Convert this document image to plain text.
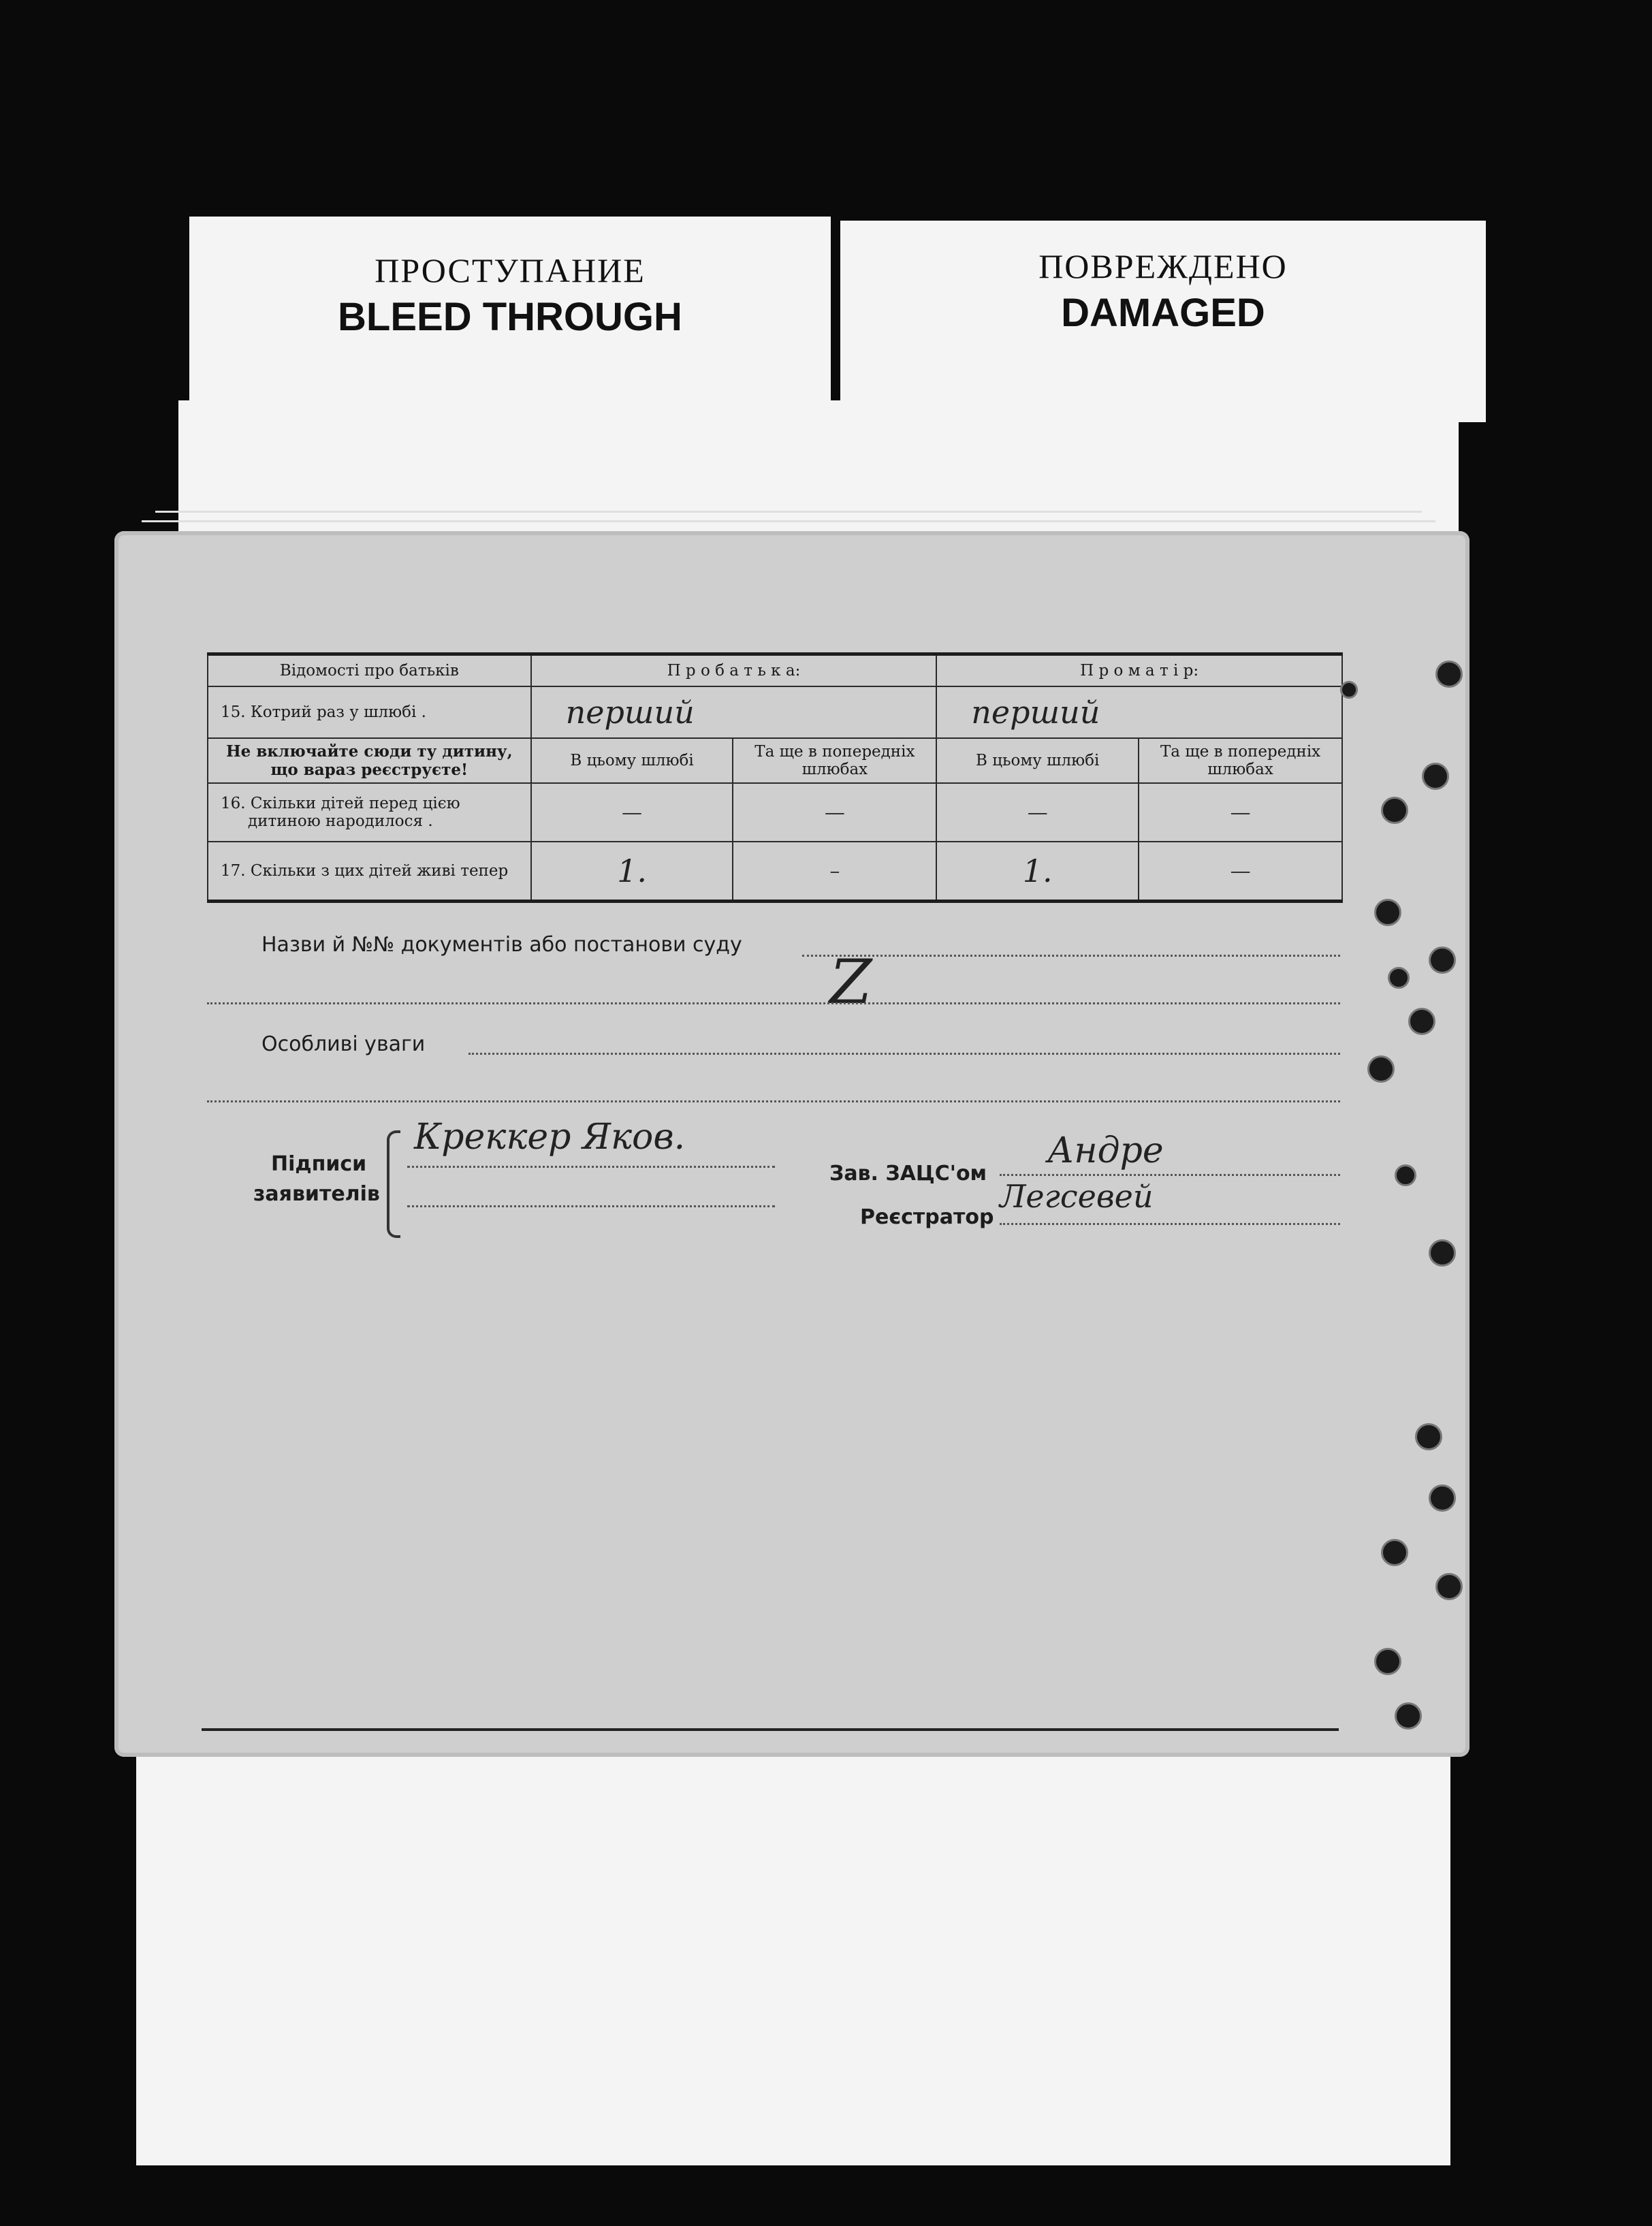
ПРОСТУПАНИЕ
BLEED THROUGH
ПОВРЕЖДЕНО
DAMAGED
Відомості про батьків	П р о б а т ь к а:		П р о м а т і р:	
15. Котрий раз у шлюбі .	перший		перший	

Не включайте сюди ту дитину,
що вараз реєструєте!	В цьому шлюбі	Та ще в попередніх шлюбах	В цьому шлюбі	Та ще в попередніх шлюбах

16. Скільки дітей перед цією
дитиною народилося .	—	—	—	—
17. Скільки з цих дітей живі тепер	1.	–	1.	—
Назви й №№ документів або постанови суду
Z
Особливі уваги
Підписи
заявителів
Креккер Яков.
Зав. ЗАЦС'ом
Андре
Реєстратор
Легсевей
